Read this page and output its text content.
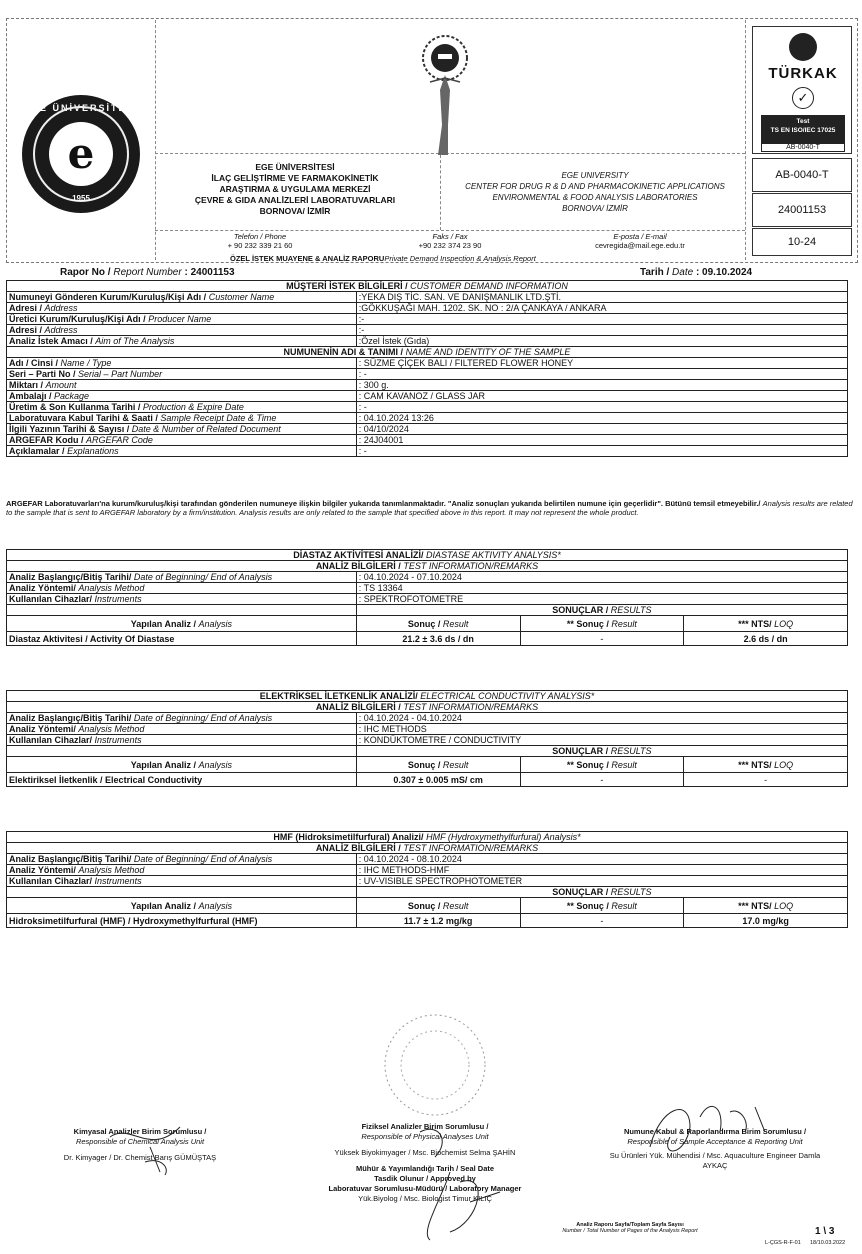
EGE ÜNİVERSİTESİ
e
1955
EGE ÜNİVERSİTESİ
İLAÇ GELİŞTİRME VE FARMAKOKİNETİK
ARAŞTIRMA & UYGULAMA MERKEZİ
ÇEVRE & GIDA ANALİZLERİ LABORATUVARLARI
BORNOVA/ İZMİR
EGE UNIVERSITY
CENTER FOR DRUG R & D AND PHARMACOKINETIC APPLICATIONS
ENVIRONMENTAL & FOOD ANALYSIS LABORATORIES
BORNOVA/ İZMİR
Telefon / Phone
+ 90 232 339 21 60
Faks / Fax
+90 232 374 23 90
E-posta / E-mail
cevregida@mail.ege.edu.tr
TÜRKAK
✓
Test
TS EN ISO/IEC 17025
AB-0040-T
AB-0040-T
24001153
10-24
ÖZEL İSTEK MUAYENE & ANALİZ RAPORUPrivate Demand Inspection & Analysis Report
Rapor No / Report Number : 24001153	Tarih / Date : 09.10.2024
MÜŞTERİ İSTEK BİLGİLERİ / CUSTOMER DEMAND INFORMATION	
Numuneyi Gönderen Kurum/Kuruluş/Kişi Adı / Customer Name	:YEKA DIŞ TİC. SAN. VE DANIŞMANLIK LTD.ŞTİ.
Adresi / Address	:GÖKKUŞAĞI MAH. 1202. SK. NO : 2/A ÇANKAYA / ANKARA
Üretici Kurum/Kuruluş/Kişi Adı / Producer Name	:-
Adresi / Address	:-
Analiz İstek Amacı / Aim of The Analysis	:Özel İstek (Gıda)
NUMUNENİN ADI & TANIMI / NAME AND IDENTITY OF THE SAMPLE	
Adı / Cinsi / Name / Type	: SÜZME ÇİÇEK BALI / FILTERED FLOWER HONEY
Seri – Parti No / Serial – Part Number	: -
Miktarı / Amount	: 300 g.
Ambalajı / Package	: CAM KAVANOZ / GLASS JAR
Üretim & Son Kullanma Tarihi / Production & Expire Date	: -
Laboratuvara Kabul Tarihi & Saati / Sample Receipt Date & Time	: 04.10.2024 13:26
İlgili Yazının Tarihi & Sayısı / Date & Number of Related Document	: 04/10/2024
ARGEFAR Kodu / ARGEFAR Code	: 24J04001
Açıklamalar / Explanations	: -
ARGEFAR Laboratuvarları'na kurum/kuruluş/kişi tarafından gönderilen numuneye ilişkin bilgiler yukarıda tanımlanmaktadır. "Analiz sonuçları yukarıda belirtilen numune için geçerlidir". Bütünü temsil etmeyebilir./ Analysis results are related to the sample that is sent to ARGEFAR laboratory by a firm/institution. Analysis results are only related to the sample that specified above in this report. It may not represent the whole product.
DİASTAZ AKTİVİTESİ ANALİZİ/ DIASTASE AKTIVITY ANALYSIS*			
ANALİZ BİLGİLERİ / TEST INFORMATION/REMARKS			
Analiz Başlangıç/Bitiş Tarihi/ Date of Beginning/ End of Analysis	: 04.10.2024 - 07.10.2024		
Analiz Yöntemi/ Analysis Method	: TS 13364		
Kullanılan Cihazlar/ Instruments	: SPEKTROFOTOMETRE		
	SONUÇLAR / RESULTS		
Yapılan Analiz / Analysis	Sonuç / Result	** Sonuç / Result	*** NTS/ LOQ
Diastaz Aktivitesi / Activity Of Diastase	21.2 ± 3.6 ds / dn	-	2.6 ds / dn
ELEKTRİKSEL İLETKENLİK ANALİZİ/ ELECTRICAL CONDUCTIVITY ANALYSIS*			
ANALİZ BİLGİLERİ / TEST INFORMATION/REMARKS			
Analiz Başlangıç/Bitiş Tarihi/ Date of Beginning/ End of Analysis	: 04.10.2024 - 04.10.2024		
Analiz Yöntemi/ Analysis Method	: IHC METHODS		
Kullanılan Cihazlar/ Instruments	: KONDÜKTOMETRE / CONDUCTIVITY		
	SONUÇLAR / RESULTS		
Yapılan Analiz / Analysis	Sonuç / Result	** Sonuç / Result	*** NTS/ LOQ
Elektiriksel İletkenlik / Electrical Conductivity	0.307 ± 0.005 mS/ cm	-	-
HMF (Hidroksimetilfurfural) Analizi/ HMF (Hydroxymethylfurfural) Analysis*			
ANALİZ BİLGİLERİ / TEST INFORMATION/REMARKS			
Analiz Başlangıç/Bitiş Tarihi/ Date of Beginning/ End of Analysis	: 04.10.2024 - 08.10.2024		
Analiz Yöntemi/ Analysis Method	: IHC METHODS-HMF		
Kullanılan Cihazlar/ Instruments	: UV-VISIBLE SPECTROPHOTOMETER		
	SONUÇLAR / RESULTS		
Yapılan Analiz / Analysis	Sonuç / Result	** Sonuç / Result	*** NTS/ LOQ
Hidroksimetilfurfural (HMF) / Hydroxymethylfurfural (HMF)	11.7 ± 1.2 mg/kg	-	17.0 mg/kg
Kimyasal Analizler Birim Sorumlusu /
Responsible of Chemical Analysis Unit
Dr. Kimyager / Dr. Chemist Barış GÜMÜŞTAŞ
Fiziksel Analizler Birim Sorumlusu /
Responsible of Physical Analyses Unit
Yüksek Biyokimyager / Msc. Biochemist Selma ŞAHİN
Mühür & Yayımlandığı Tarih / Seal Date
Tasdik Olunur / Approved by
Laboratuvar Sorumlusu-Müdürü / Laboratory Manager
Yük.Biyolog / Msc. Biologist Timur KILIÇ
Numune Kabul & Raporlandırma Birim Sorumlusu /
Responsible of Sample Acceptance & Reporting Unit
Su Ürünleri Yük. Mühendisi / Msc. Aquaculture Engineer Damla
AYKAÇ
Analiz Raporu Sayfa/Toplam Sayfa Sayısı
Number / Total Number of Pages of the Analysis Report	1 \ 3
L-ÇGS-R-F-01 18/10.03.2022
